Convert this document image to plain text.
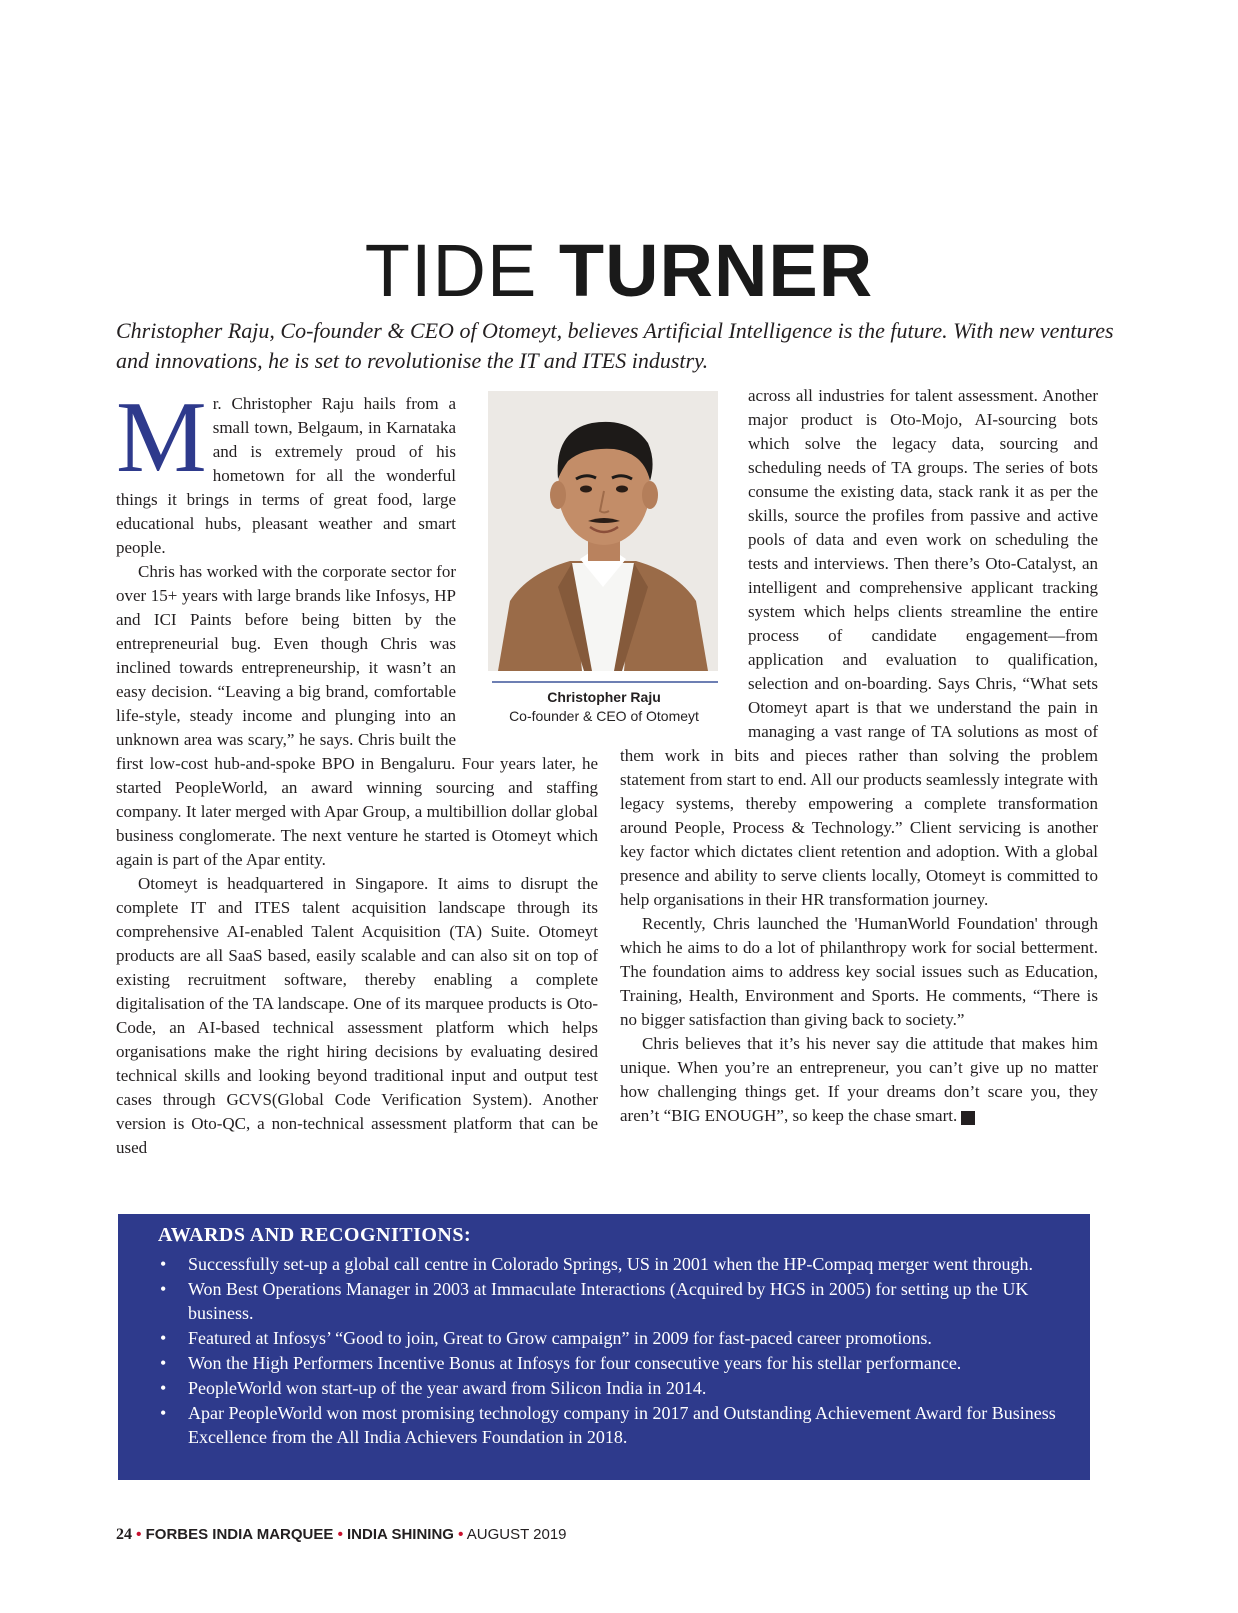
TIDE TURNER

Christopher Raju, Co-founder & CEO of Otomeyt, believes Artificial Intelligence is the future. With new ventures and innovations, he is set to revolutionise the IT and ITES industry.

Mr. Christopher Raju hails from a small town, Belgaum, in Karnataka and is extremely proud of his hometown for all the wonderful things it brings in terms of great food, large educational hubs, pleasant weather and smart people.

Chris has worked with the corporate sector for over 15+ years with large brands like Infosys, HP and ICI Paints before being bitten by the entrepreneurial bug. Even though Chris was inclined towards entrepreneurship, it wasn’t an easy decision. “Leaving a big brand, comfortable life-style, steady income and plunging into an unknown area was scary,” he says. Chris built the first low-cost hub-and-spoke BPO in Bengaluru. Four years later, he started PeopleWorld, an award winning sourcing and staffing company. It later merged with Apar Group, a multibillion dollar global business conglomerate. The next venture he started is Otomeyt which again is part of the Apar entity.

Otomeyt is headquartered in Singapore. It aims to disrupt the complete IT and ITES talent acquisition landscape through its comprehensive AI-enabled Talent Acquisition (TA) Suite. Otomeyt products are all SaaS based, easily scalable and can also sit on top of existing recruitment software, thereby enabling a complete digitalisation of the TA landscape. One of its marquee products is Oto-Code, an AI-based technical assessment platform which helps organisations make the right hiring decisions by evaluating desired technical skills and looking beyond traditional input and output test cases through GCVS(Global Code Verification System). Another version is Oto-QC, a non-technical assessment platform that can be used

across all industries for talent assessment. Another major product is Oto-Mojo, AI-sourcing bots which solve the legacy data, sourcing and scheduling needs of TA groups. The series of bots consume the existing data, stack rank it as per the skills, source the profiles from passive and active pools of data and even work on scheduling the tests and interviews. Then there’s Oto-Catalyst, an intelligent and comprehensive applicant tracking system which helps clients streamline the entire process of candidate engagement—from application and evaluation to qualification, selection and on-boarding. Says Chris, “What sets Otomeyt apart is that we understand the pain in managing a vast range of TA solutions as most of them work in bits and pieces rather than solving the problem statement from start to end. All our products seamlessly integrate with legacy systems, thereby empowering a complete transformation around People, Process & Technology.” Client servicing is another key factor which dictates client retention and adoption. With a global presence and ability to serve clients locally, Otomeyt is committed to help organisations in their HR transformation journey.

Recently, Chris launched the 'HumanWorld Foundation' through which he aims to do a lot of philanthropy work for social betterment. The foundation aims to address key social issues such as Education, Training, Health, Environment and Sports. He comments, “There is no bigger satisfaction than giving back to society.”

Chris believes that it’s his never say die attitude that makes him unique. When you’re an entrepreneur, you can’t give up no matter how challenging things get. If your dreams don’t scare you, they aren’t “BIG ENOUGH”, so keep the chase smart. F

Christopher Raju
Co-founder & CEO of Otomeyt
AWARDS AND RECOGNITIONS:
• Successfully set-up a global call centre in Colorado Springs, US in 2001 when the HP-Compaq merger went through.
• Won Best Operations Manager in 2003 at Immaculate Interactions (Acquired by HGS in 2005) for setting up the UK business.
• Featured at Infosys’ “Good to join, Great to Grow campaign” in 2009 for fast-paced career promotions.
• Won the High Performers Incentive Bonus at Infosys for four consecutive years for his stellar performance.
• PeopleWorld won start-up of the year award from Silicon India in 2014.
• Apar PeopleWorld won most promising technology company in 2017 and Outstanding Achievement Award for Business Excellence from the All India Achievers Foundation in 2018.
24 • FORBES INDIA MARQUEE • INDIA SHINING • AUGUST 2019
